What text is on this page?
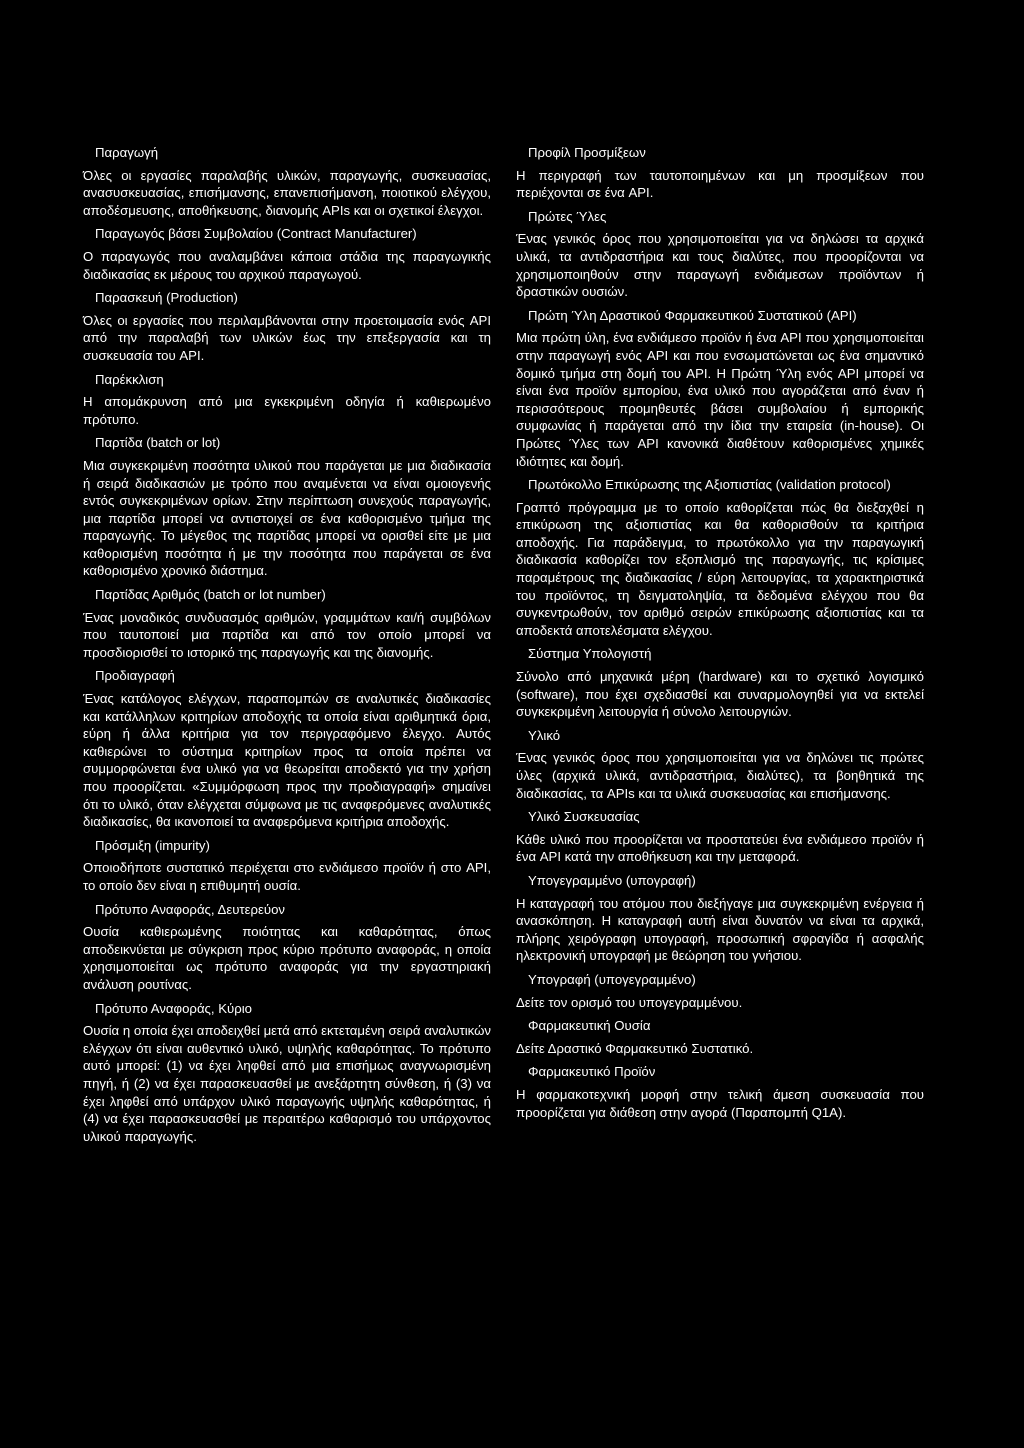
Παραγωγή
Όλες οι εργασίες παραλαβής υλικών, παραγωγής, συσκευασίας, ανασυσκευασίας, επισήμανσης, επανεπισήμανση, ποιοτικού ελέγχου, αποδέσμευσης, αποθήκευσης, διανομής APIs και οι σχετικοί έλεγχοι.
Παραγωγός βάσει Συμβολαίου (Contract Manufacturer)
Ο παραγωγός που αναλαμβάνει κάποια στάδια της παραγωγικής διαδικασίας εκ μέρους του αρχικού παραγωγού.
Παρασκευή (Production)
Όλες οι εργασίες που περιλαμβάνονται στην προετοιμασία ενός API από την παραλαβή των υλικών έως την επεξεργασία και τη συσκευασία του API.
Παρέκκλιση
Η απομάκρυνση από μια εγκεκριμένη οδηγία ή καθιερωμένο πρότυπο.
Παρτίδα (batch or lot)
Μια συγκεκριμένη ποσότητα υλικού που παράγεται με μια διαδικασία ή σειρά διαδικασιών με τρόπο που αναμένεται να είναι ομοιογενής εντός συγκεκριμένων ορίων. Στην περίπτωση συνεχούς παραγωγής, μια παρτίδα μπορεί να αντιστοιχεί σε ένα καθορισμένο τμήμα της παραγωγής. Το μέγεθος της παρτίδας μπορεί να ορισθεί είτε με μια καθορισμένη ποσότητα ή με την ποσότητα που παράγεται σε ένα καθορισμένο χρονικό διάστημα.
Παρτίδας Αριθμός (batch or lot number)
Ένας μοναδικός συνδυασμός αριθμών, γραμμάτων και/ή συμβόλων που ταυτοποιεί μια παρτίδα και από τον οποίο μπορεί να προσδιορισθεί το ιστορικό της παραγωγής και της διανομής.
Προδιαγραφή
Ένας κατάλογος ελέγχων, παραπομπών σε αναλυτικές διαδικασίες και κατάλληλων κριτηρίων αποδοχής τα οποία είναι αριθμητικά όρια, εύρη ή άλλα κριτήρια για τον περιγραφόμενο έλεγχο. Αυτός καθιερώνει το σύστημα κριτηρίων προς τα οποία πρέπει να συμμορφώνεται ένα υλικό για να θεωρείται αποδεκτό για την χρήση που προορίζεται. «Συμμόρφωση προς την προδιαγραφή» σημαίνει ότι το υλικό, όταν ελέγχεται σύμφωνα με τις αναφερόμενες αναλυτικές διαδικασίες, θα ικανοποιεί τα αναφερόμενα κριτήρια αποδοχής.
Πρόσμιξη (impurity)
Οποιοδήποτε συστατικό περιέχεται στο ενδιάμεσο προϊόν ή στο API, το οποίο δεν είναι η επιθυμητή ουσία.
Πρότυπο Αναφοράς, Δευτερεύον
Ουσία καθιερωμένης ποιότητας και καθαρότητας, όπως αποδεικνύεται με σύγκριση προς κύριο πρότυπο αναφοράς, η οποία χρησιμοποιείται ως πρότυπο αναφοράς για την εργαστηριακή ανάλυση ρουτίνας.
Πρότυπο Αναφοράς, Κύριο
Ουσία η οποία έχει αποδειχθεί μετά από εκτεταμένη σειρά αναλυτικών ελέγχων ότι είναι αυθεντικό υλικό, υψηλής καθαρότητας. Το πρότυπο αυτό μπορεί: (1) να έχει ληφθεί από μια επισήμως αναγνωρισμένη πηγή, ή (2) να έχει παρασκευασθεί με ανεξάρτητη σύνθεση, ή (3) να έχει ληφθεί από υπάρχον υλικό παραγωγής υψηλής καθαρότητας, ή (4) να έχει παρασκευασθεί με περαιτέρω καθαρισμό του υπάρχοντος υλικού παραγωγής.
Προφίλ Προσμίξεων
Η περιγραφή των ταυτοποιημένων και μη προσμίξεων που περιέχονται σε ένα API.
Πρώτες Ύλες
Ένας γενικός όρος που χρησιμοποιείται για να δηλώσει τα αρχικά υλικά, τα αντιδραστήρια και τους διαλύτες, που προορίζονται να χρησιμοποιηθούν στην παραγωγή ενδιάμεσων προϊόντων ή δραστικών ουσιών.
Πρώτη Ύλη Δραστικού Φαρμακευτικού Συστατικού (API)
Μια πρώτη ύλη, ένα ενδιάμεσο προϊόν ή ένα API που χρησιμοποιείται στην παραγωγή ενός API και που ενσωματώνεται ως ένα σημαντικό δομικό τμήμα στη δομή του API. Η Πρώτη Ύλη ενός API μπορεί να είναι ένα προϊόν εμπορίου, ένα υλικό που αγοράζεται από έναν ή περισσότερους προμηθευτές βάσει συμβολαίου ή εμπορικής συμφωνίας ή παράγεται από την ίδια την εταιρεία (in-house). Οι Πρώτες Ύλες των API κανονικά διαθέτουν καθορισμένες χημικές ιδιότητες και δομή.
Πρωτόκολλο Επικύρωσης της Αξιοπιστίας (validation protocol)
Γραπτό πρόγραμμα με το οποίο καθορίζεται πώς θα διεξαχθεί η επικύρωση της αξιοπιστίας και θα καθορισθούν τα κριτήρια αποδοχής. Για παράδειγμα, το πρωτόκολλο για την παραγωγική διαδικασία καθορίζει τον εξοπλισμό της παραγωγής, τις κρίσιμες παραμέτρους της διαδικασίας / εύρη λειτουργίας, τα χαρακτηριστικά του προϊόντος, τη δειγματοληψία, τα δεδομένα ελέγχου που θα συγκεντρωθούν, τον αριθμό σειρών επικύρωσης αξιοπιστίας και τα αποδεκτά αποτελέσματα ελέγχου.
Σύστημα Υπολογιστή
Σύνολο από μηχανικά μέρη (hardware) και το σχετικό λογισμικό (software), που έχει σχεδιασθεί και συναρμολογηθεί για να εκτελεί συγκεκριμένη λειτουργία ή σύνολο λειτουργιών.
Υλικό
Ένας γενικός όρος που χρησιμοποιείται για να δηλώνει τις πρώτες ύλες (αρχικά υλικά, αντιδραστήρια, διαλύτες), τα βοηθητικά της διαδικασίας, τα APIs και τα υλικά συσκευασίας και επισήμανσης.
Υλικό Συσκευασίας
Κάθε υλικό που προορίζεται να προστατεύει ένα ενδιάμεσο προϊόν ή ένα API κατά την αποθήκευση και την μεταφορά.
Υπογεγραμμένο (υπογραφή)
Η καταγραφή του ατόμου που διεξήγαγε μια συγκεκριμένη ενέργεια ή ανασκόπηση. Η καταγραφή αυτή είναι δυνατόν να είναι τα αρχικά, πλήρης χειρόγραφη υπογραφή, προσωπική σφραγίδα ή ασφαλής ηλεκτρονική υπογραφή με θεώρηση του γνήσιου.
Υπογραφή (υπογεγραμμένο)
Δείτε τον ορισμό του υπογεγραμμένου.
Φαρμακευτική Ουσία
Δείτε Δραστικό Φαρμακευτικό Συστατικό.
Φαρμακευτικό Προϊόν
Η φαρμακοτεχνική μορφή στην τελική άμεση συσκευασία που προορίζεται για διάθεση στην αγορά (Παραπομπή Q1A).
